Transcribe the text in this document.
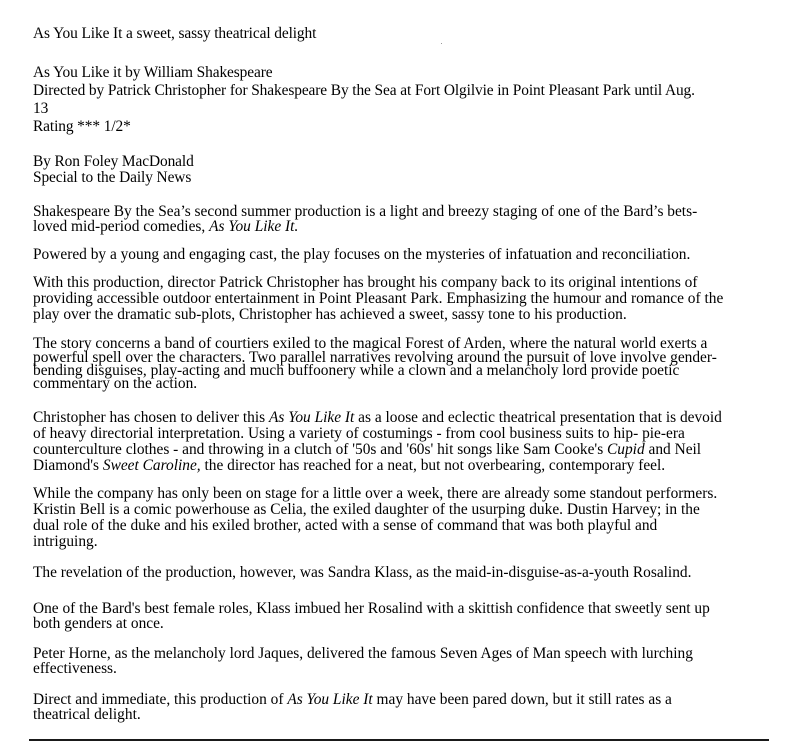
As You Like It a sweet, sassy theatrical delight
As You Like it by William Shakespeare
Directed by Patrick Christopher for Shakespeare By the Sea at Fort Olgilvie in Point Pleasant Park until Aug.
13
Rating *** 1/2*
By Ron Foley MacDonald
Special to the Daily News

Shakespeare By the Sea’s second summer production is a light and breezy staging of one of the Bard’s bets-
loved mid-period comedies, As You Like It.

Powered by a young and engaging cast, the play focuses on the mysteries of infatuation and reconciliation.

With this production, director Patrick Christopher has brought his company back to its original intentions of
providing accessible outdoor entertainment in Point Pleasant Park. Emphasizing the humour and romance of the
play over the dramatic sub-plots, Christopher has achieved a sweet, sassy tone to his production.

The story concerns a band of courtiers exiled to the magical Forest of Arden, where the natural world exerts a
powerful spell over the characters. Two parallel narratives revolving around the pursuit of love involve gender-
bending disguises, play-acting and much buffoonery while a clown and a melancholy lord provide poetic
commentary on the action.

Christopher has chosen to deliver this As You Like It as a loose and eclectic theatrical presentation that is devoid
of heavy directorial interpretation. Using a variety of costumings - from cool business suits to hip- pie-era
counterculture clothes - and throwing in a clutch of '50s and '60s' hit songs like Sam Cooke's Cupid and Neil
Diamond's Sweet Caroline, the director has reached for a neat, but not overbearing, contemporary feel.

While the company has only been on stage for a little over a week, there are already some standout performers.
Kristin Bell is a comic powerhouse as Celia, the exiled daughter of the usurping duke. Dustin Harvey; in the
dual role of the duke and his exiled brother, acted with a sense of command that was both playful and
intriguing.

The revelation of the production, however, was Sandra Klass, as the maid-in-disguise-as-a-youth Rosalind.

One of the Bard's best female roles, Klass imbued her Rosalind with a skittish confidence that sweetly sent up
both genders at once.

Peter Horne, as the melancholy lord Jaques, delivered the famous Seven Ages of Man speech with lurching
effectiveness.

Direct and immediate, this production of As You Like It may have been pared down, but it still rates as a
theatrical delight.
